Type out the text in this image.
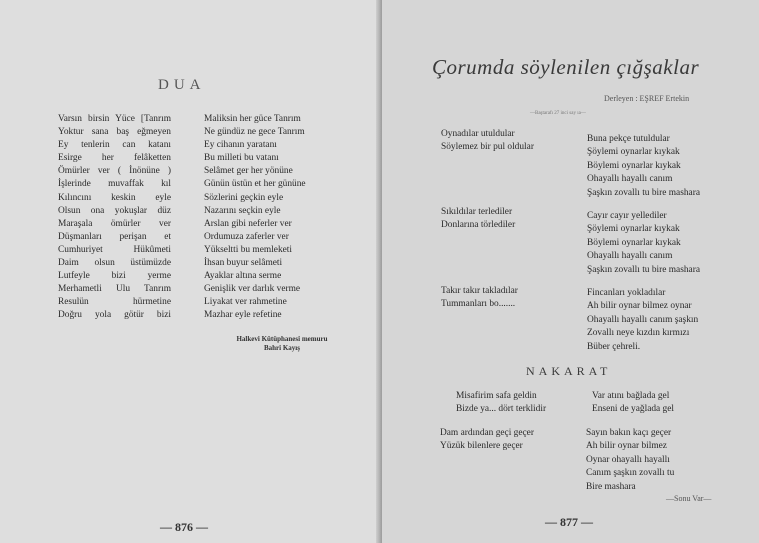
DUA
Varsın birsin Yüce [Tanrım
Yoktur sana baş eğmeyen
Ey tenlerin can katanı
Esirge her felâketten
Ömürler ver ( İnönüne )
İşlerinde muvaffak kıl
Kılıncını keskin eyle
Olsun ona yokuşlar düz
Maraşala ömürler ver
Düşmanları perişan et
Cumhuriyet Hükûmeti
Daim olsun üstümüzde
Lutfeyle bizi yerme
Merhametli Ulu Tanrım
Resulün hürmetine
Doğru yola götür bizi
Maliksin her güce Tanrım
Ne gündüz ne gece Tanrım
Ey cihanın yaratanı
Bu milleti bu vatanı
Selâmet ger her yönüne
Günün üstün et her gününe
Sözlerini geçkin eyle
Nazarını seçkin eyle
Arslan gibi neferler ver
Ordumuza zaferler ver
Yükseltti bu memleketi
İhsan buyur selâmeti
Ayaklar altına serme
Genişlik ver darlık verme
Liyakat ver rahmetine
Mazhar eyle refetine
Halkevi Kütüphanesi memuru
Bahri Kayış
— 876 —
Çorumda söylenilen çığşaklar
Derleyen : EŞREF Ertekin
—Baştarafı 27 inci say ıa—
Oynadılar utuldular
Söylemez bir pul oldular
Buna pekçe tutuldular
Şöylemi oynarlar kıykak
Böylemi oynarlar kıykak
Ohayallı hayallı canım
Şaşkın zovallı tu bire mashara
Sıkıldılar terlediler
Donlarına törlediler
Cayır cayır yellediler
Şöylemi oynarlar kıykak
Böylemi oynarlar kıykak
Ohayallı hayallı canım
Şaşkın zovallı tu bire mashara
Takır takır takladılar
Tummanları bo.......
Fincanları yokladılar
Ah bilir oynar bilmez oynar
Ohayallı hayallı canım şaşkın
Zovallı neye kızdın kırmızı
Büber çehreli.
NAKARAT
Misafirim safa geldin
Bizde ya... dört terklidir
Var atını bağlada gel
Enseni de yağlada gel
Dam ardından geçi geçer
Yüzük bilenlere geçer
Sayın bakın kaçı geçer
Ah bilir oynar bilmez
Oynar ohayallı hayallı
Canım şaşkın zovallı tu
Bire mashara
—Sonu Var—
— 877 —
